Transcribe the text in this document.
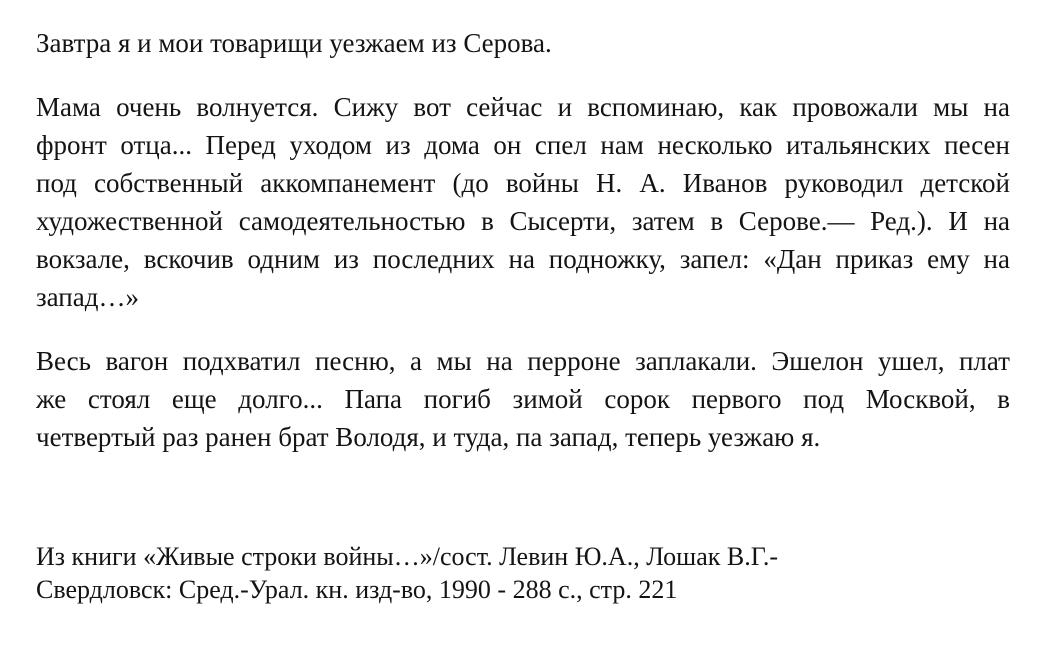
Завтра я и мои товарищи уезжаем из Серова.
Мама очень волнуется. Сижу вот сейчас и вспоминаю, как провожали мы на
фронт отца... Перед уходом из дома он спел нам несколько итальянских песен
под собственный аккомпанемент (до войны Н. А. Иванов руководил детской
художественной самодеятельностью в Сысерти, затем в Серове.— Ред.). И на
вокзале, вскочив одним из последних на подножку, запел: «Дан приказ ему на
запад…»
Весь вагон подхватил песню, а мы на перроне заплакали. Эшелон ушел, плат
же стоял еще долго... Папа погиб зимой сорок первого под Москвой, в
четвертый раз ранен брат Володя, и туда, па запад, теперь уезжаю я.
Из книги «Живые строки войны…»/сост. Левин Ю.А., Лошак В.Г.-
Свердловск: Сред.-Урал. кн. изд-во, 1990 - 288 с., стр. 221
